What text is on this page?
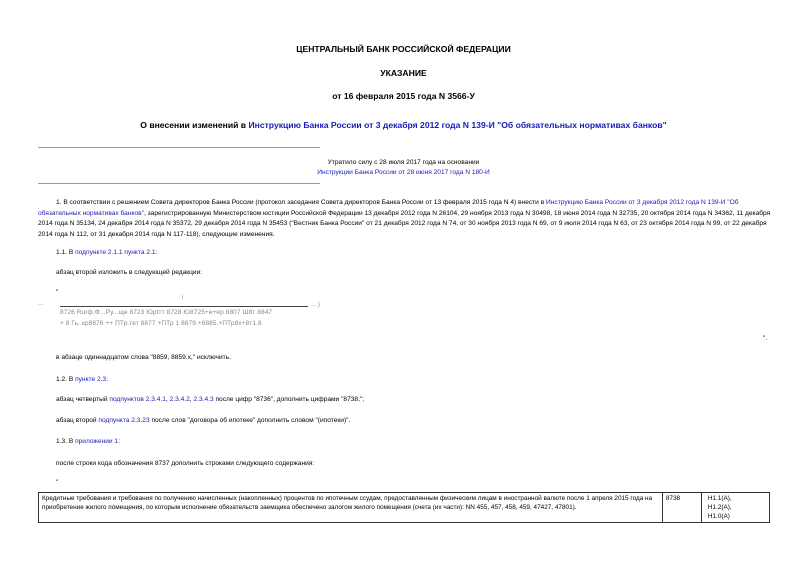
ЦЕНТРАЛЬНЫЙ БАНК РОССИЙСКОЙ ФЕДЕРАЦИИ
УКАЗАНИЕ
от 16 февраля 2015 года N 3566-У
О внесении изменений в Инструкцию Банка России от 3 декабря 2012 года N 139-И "Об обязательных нормативах банков"
Утратило силу с 28 июля 2017 года на основании
Инструкции Банка России от 28 июня 2017 года N 180-И
1. В соответствии с решением Совета директоров Банка России (протокол заседания Совета директоров Банка России от 13 февраля 2015 года N 4) внести в Инструкцию Банка России от 3 декабря 2012 года N 139-И "Об обязательных нормативах банков", зарегистрированную Министерством юстиции Российской Федерации 13 декабря 2012 года N 26104, 29 ноября 2013 года N 30498, 18 июня 2014 года N 32735, 20 октября 2014 года N 34362, 11 декабря 2014 года N 35134, 24 декабря 2014 года N 35372, 29 декабря 2014 года N 35453 ("Вестник Банка России" от 21 декабря 2012 года N 74, от 30 ноября 2013 года N 69, от 9 июля 2014 года N 63, от 23 октября 2014 года N 99, от 22 декабря 2014 года N 112, от 31 декабря 2014 года N 117-118), следующие изменения.
1.1. В подпункте 2.1.1 пункта 2.1:
абзац второй изложить в следующей редакции:
"
...
i
...)
8726 Rurф.Ф...Ру...ще 8723 Юрtтт 8728 Ю8725+е+ер 8807 Ш8т 8847
+ 8 Гь..кр8876 ++ ПТр.тет 8877 +ПТр 1 8879.+8885.+ПТр8х+8т1.8
".
в абзаце одиннадцатом слова "8859, 8859.х," исключить.
1.2. В пункте 2.3:
абзац четвертый подпунктов 2.3.4.1, 2.3.4.2, 2.3.4.3 после цифр "8736", дополнить цифрами "8738,";
абзац второй подпункта 2.3.23 после слов "договора об ипотеке" дополнить словом "(ипотеки)".
1.3. В приложении 1:
после строки кода обозначения 8737 дополнить строками следующего содержания:
"
Кредитные требования и требования по получению начисленных (накопленных) процентов по ипотечным ссудам, предоставленным физическим лицам в иностранной валюте после 1 апреля 2015 года на приобретение жилого помещения, по которым исполнение обязательств заемщика обеспечено залогом жилого помещения (счета (их части): NN 455, 457, 458, 459, 47427, 47801).	8738	Н1.1(А),
Н1.2(А),
Н1.0(А)
